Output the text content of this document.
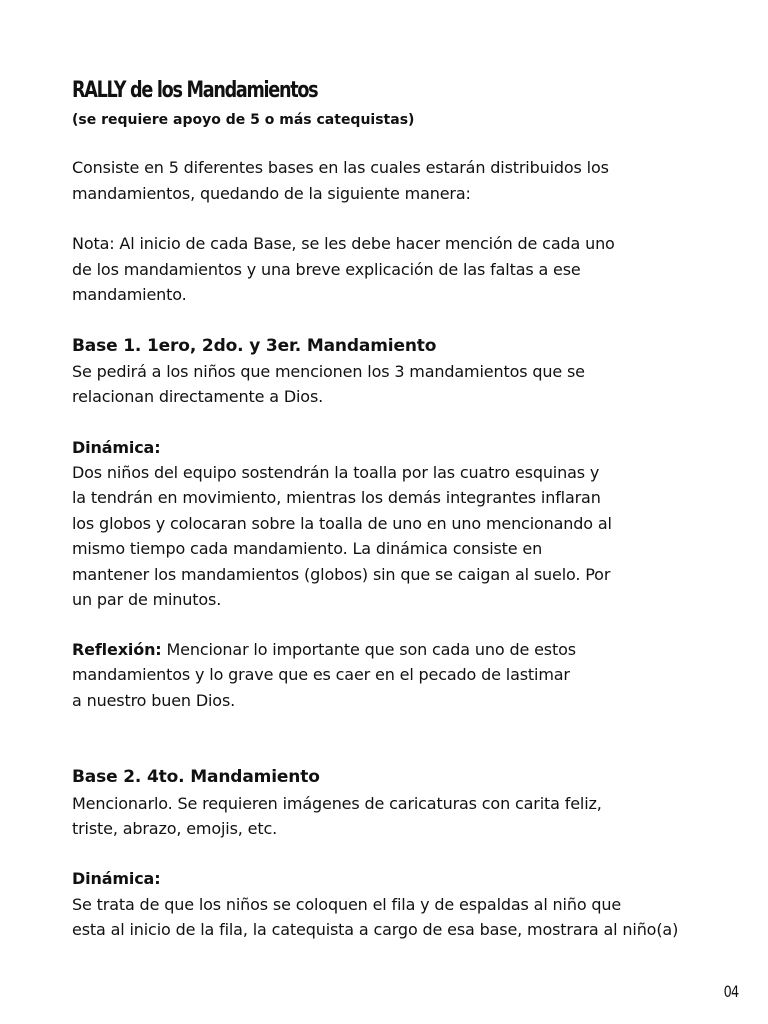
RALLY de los Mandamientos

(se requiere apoyo de 5 o más catequistas)

Consiste en 5 diferentes bases en las cuales estarán distribuidos los

mandamientos, quedando de la siguiente manera:

Nota: Al inicio de cada Base, se les debe hacer mención de cada uno

de los mandamientos y una breve explicación de las faltas a ese

mandamiento.

Base 1. 1ero, 2do. y 3er. Mandamiento

Se pedirá a los niños que mencionen los 3 mandamientos que se

relacionan directamente a Dios.

Dinámica:

Dos niños del equipo sostendrán la toalla por las cuatro esquinas y

la tendrán en movimiento, mientras los demás integrantes inflaran

los globos y colocaran sobre la toalla de uno en uno mencionando al

mismo tiempo cada mandamiento. La dinámica consiste en

mantener los mandamientos (globos) sin que se caigan al suelo. Por

un par de minutos.

Reflexión: Mencionar lo importante que son cada uno de estos

mandamientos y lo grave que es caer en el pecado de lastimar

a nuestro buen Dios.

Base 2. 4to. Mandamiento

Mencionarlo. Se requieren imágenes de caricaturas con carita feliz,

triste, abrazo, emojis, etc.

Dinámica:

Se trata de que los niños se coloquen el fila y de espaldas al niño que

esta al inicio de la fila, la catequista a cargo de esa base, mostrara al niño(a)

04
